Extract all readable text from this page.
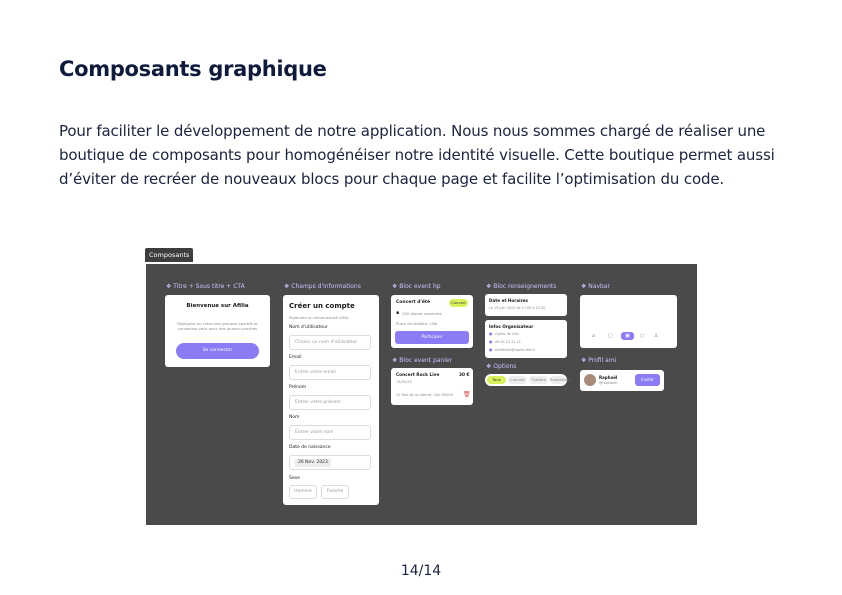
Composants graphique
Pour faciliter le développement de notre application. Nous nous sommes chargé de réaliser une boutique de composants pour homogénéiser notre identité visuelle. Cette boutique permet aussi d’éviter de recréer de nouveaux blocs pour chaque page et facilite l’optimisation du code.
Composants
❖ Titre + Sous titre + CTA	❖ Champs d'informations	❖ Bloc event hp	❖ Bloc renseignements	❖ Navbar
❖ Bloc event panier
❖ Options
❖ Profil ami
Bienvenue sur Afilia
Rejoignez ou créez des groupes sportifs et connectez-vous avec des joueurs proches
Se connecter
Créer un compte
Rejoindre la communauté Afilia
Nom d'utilisateur
Choisir un nom d'utilisateur
Email
Entrer votre email
Prénom
Entrer votre prénom
Nom
Entrer votre nom
Date de naissance
26 Nov. 2023
Sexe
Homme	Femme
Concert d'été	Concert
▪ 150 places restantes
Place du théâtre, Lille
Participer
Concert Rock Live	30 €
15/02/25
10 Rue de la Liberté, Lille 59000 🗑
Date et Horaires
Le 15 juin 2025 de 17:00 à 22:30
Infos Organisateur
● Opéra de Lille
● 06 02 21 21 21
● billetterie@opera-lille.fr
Tous	Concert	Théâtre	Exposition
⌂	▢	▣	○ ♙
Raphaël
@raphaelfr
Inviter
14/14
